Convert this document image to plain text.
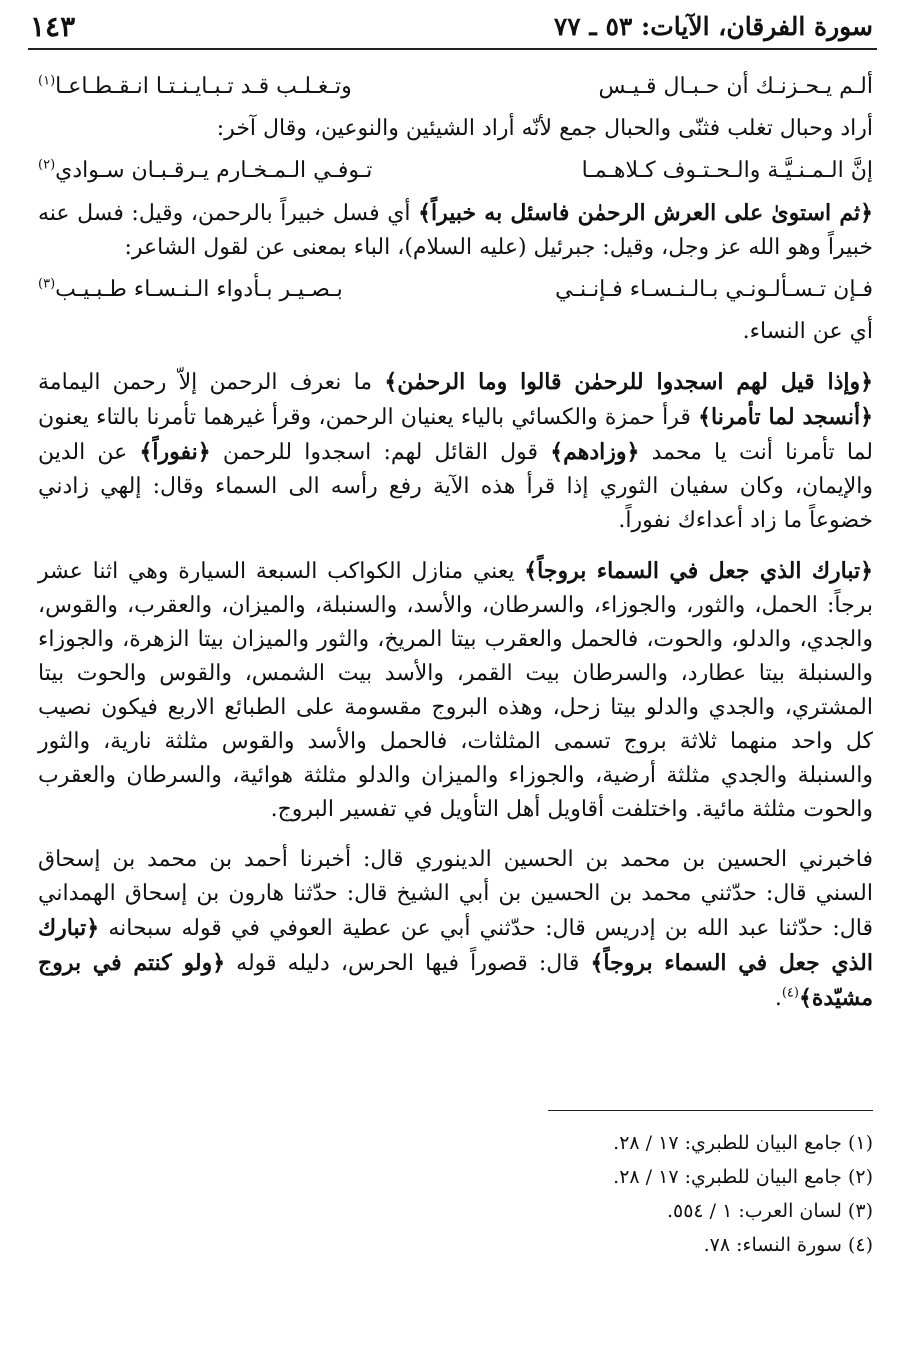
سورة الفرقان، الآيات: ٥٣ ـ ٧٧
١٤٣
ألـم يـحـزنـك أن حـبـال قـيـس
وتـغـلـب قـد تـبـايـنـتـا انـقـطـاعـا$^{(١)}$

أراد وحبال تغلب فثنّى والحبال جمع لأنّه أراد الشيئين والنوعين، وقال آخر:

إنَّ الـمـنـيَّـة والـحـتـوف كـلاهـمـا
تـوفـي الـمـخـارم يـرقـبـان سـوادي$^{(٢)}$

﴿ثم استوىٰ على العرش الرحمٰن فاسئل به خبيراً﴾ أي فسل خبيراً بالرحمن، وقيل: فسل عنه خبيراً وهو الله عز وجل، وقيل: جبرئيل (عليه السلام)، الباء بمعنى عن لقول الشاعر:

فـإن تـسـألـونـي بـالـنـسـاء فـإنـنـي
بـصـيـر بـأدواء الـنـسـاء طـبـيـب$^{(٣)}$

أي عن النساء.

﴿وإذا قيل لهم اسجدوا للرحمٰن قالوا وما الرحمٰن﴾ ما نعرف الرحمن إلاّ رحمن اليمامة ﴿أنسجد لما تأمرنا﴾ قرأ حمزة والكسائي بالياء يعنيان الرحمن، وقرأ غيرهما تأمرنا بالتاء يعنون لما تأمرنا أنت يا محمد ﴿وزادهم﴾ قول القائل لهم: اسجدوا للرحمن ﴿نفوراً﴾ عن الدين والإيمان، وكان سفيان الثوري إذا قرأ هذه الآية رفع رأسه الى السماء وقال: إلهي زادني خضوعاً ما زاد أعداءك نفوراً.

﴿تبارك الذي جعل في السماء بروجاً﴾ يعني منازل الكواكب السبعة السيارة وهي اثنا عشر برجاً: الحمل، والثور، والجوزاء، والسرطان، والأسد، والسنبلة، والميزان، والعقرب، والقوس، والجدي، والدلو، والحوت، فالحمل والعقرب بيتا المريخ، والثور والميزان بيتا الزهرة، والجوزاء والسنبلة بيتا عطارد، والسرطان بيت القمر، والأسد بيت الشمس، والقوس والحوت بيتا المشتري، والجدي والدلو بيتا زحل، وهذه البروج مقسومة على الطبائع الاربع فيكون نصيب كل واحد منهما ثلاثة بروج تسمى المثلثات، فالحمل والأسد والقوس مثلثة نارية، والثور والسنبلة والجدي مثلثة أرضية، والجوزاء والميزان والدلو مثلثة هوائية، والسرطان والعقرب والحوت مثلثة مائية. واختلفت أقاويل أهل التأويل في تفسير البروج.

فاخبرني الحسين بن محمد بن الحسين الدينوري قال: أخبرنا أحمد بن محمد بن إسحاق السني قال: حدّثني محمد بن الحسين بن أبي الشيخ قال: حدّثنا هارون بن إسحاق الهمداني قال: حدّثنا عبد الله بن إدريس قال: حدّثني أبي عن عطية العوفي في قوله سبحانه ﴿تبارك الذي جعل في السماء بروجاً﴾ قال: قصوراً فيها الحرس، دليله قوله ﴿ولو كنتم في بروج مشيّدة﴾$^{(٤)}$.

(١) جامع البيان للطبري: ١٧ / ٢٨.
(٢) جامع البيان للطبري: ١٧ / ٢٨.
(٣) لسان العرب: ١ / ٥٥٤.
(٤) سورة النساء: ٧٨.
